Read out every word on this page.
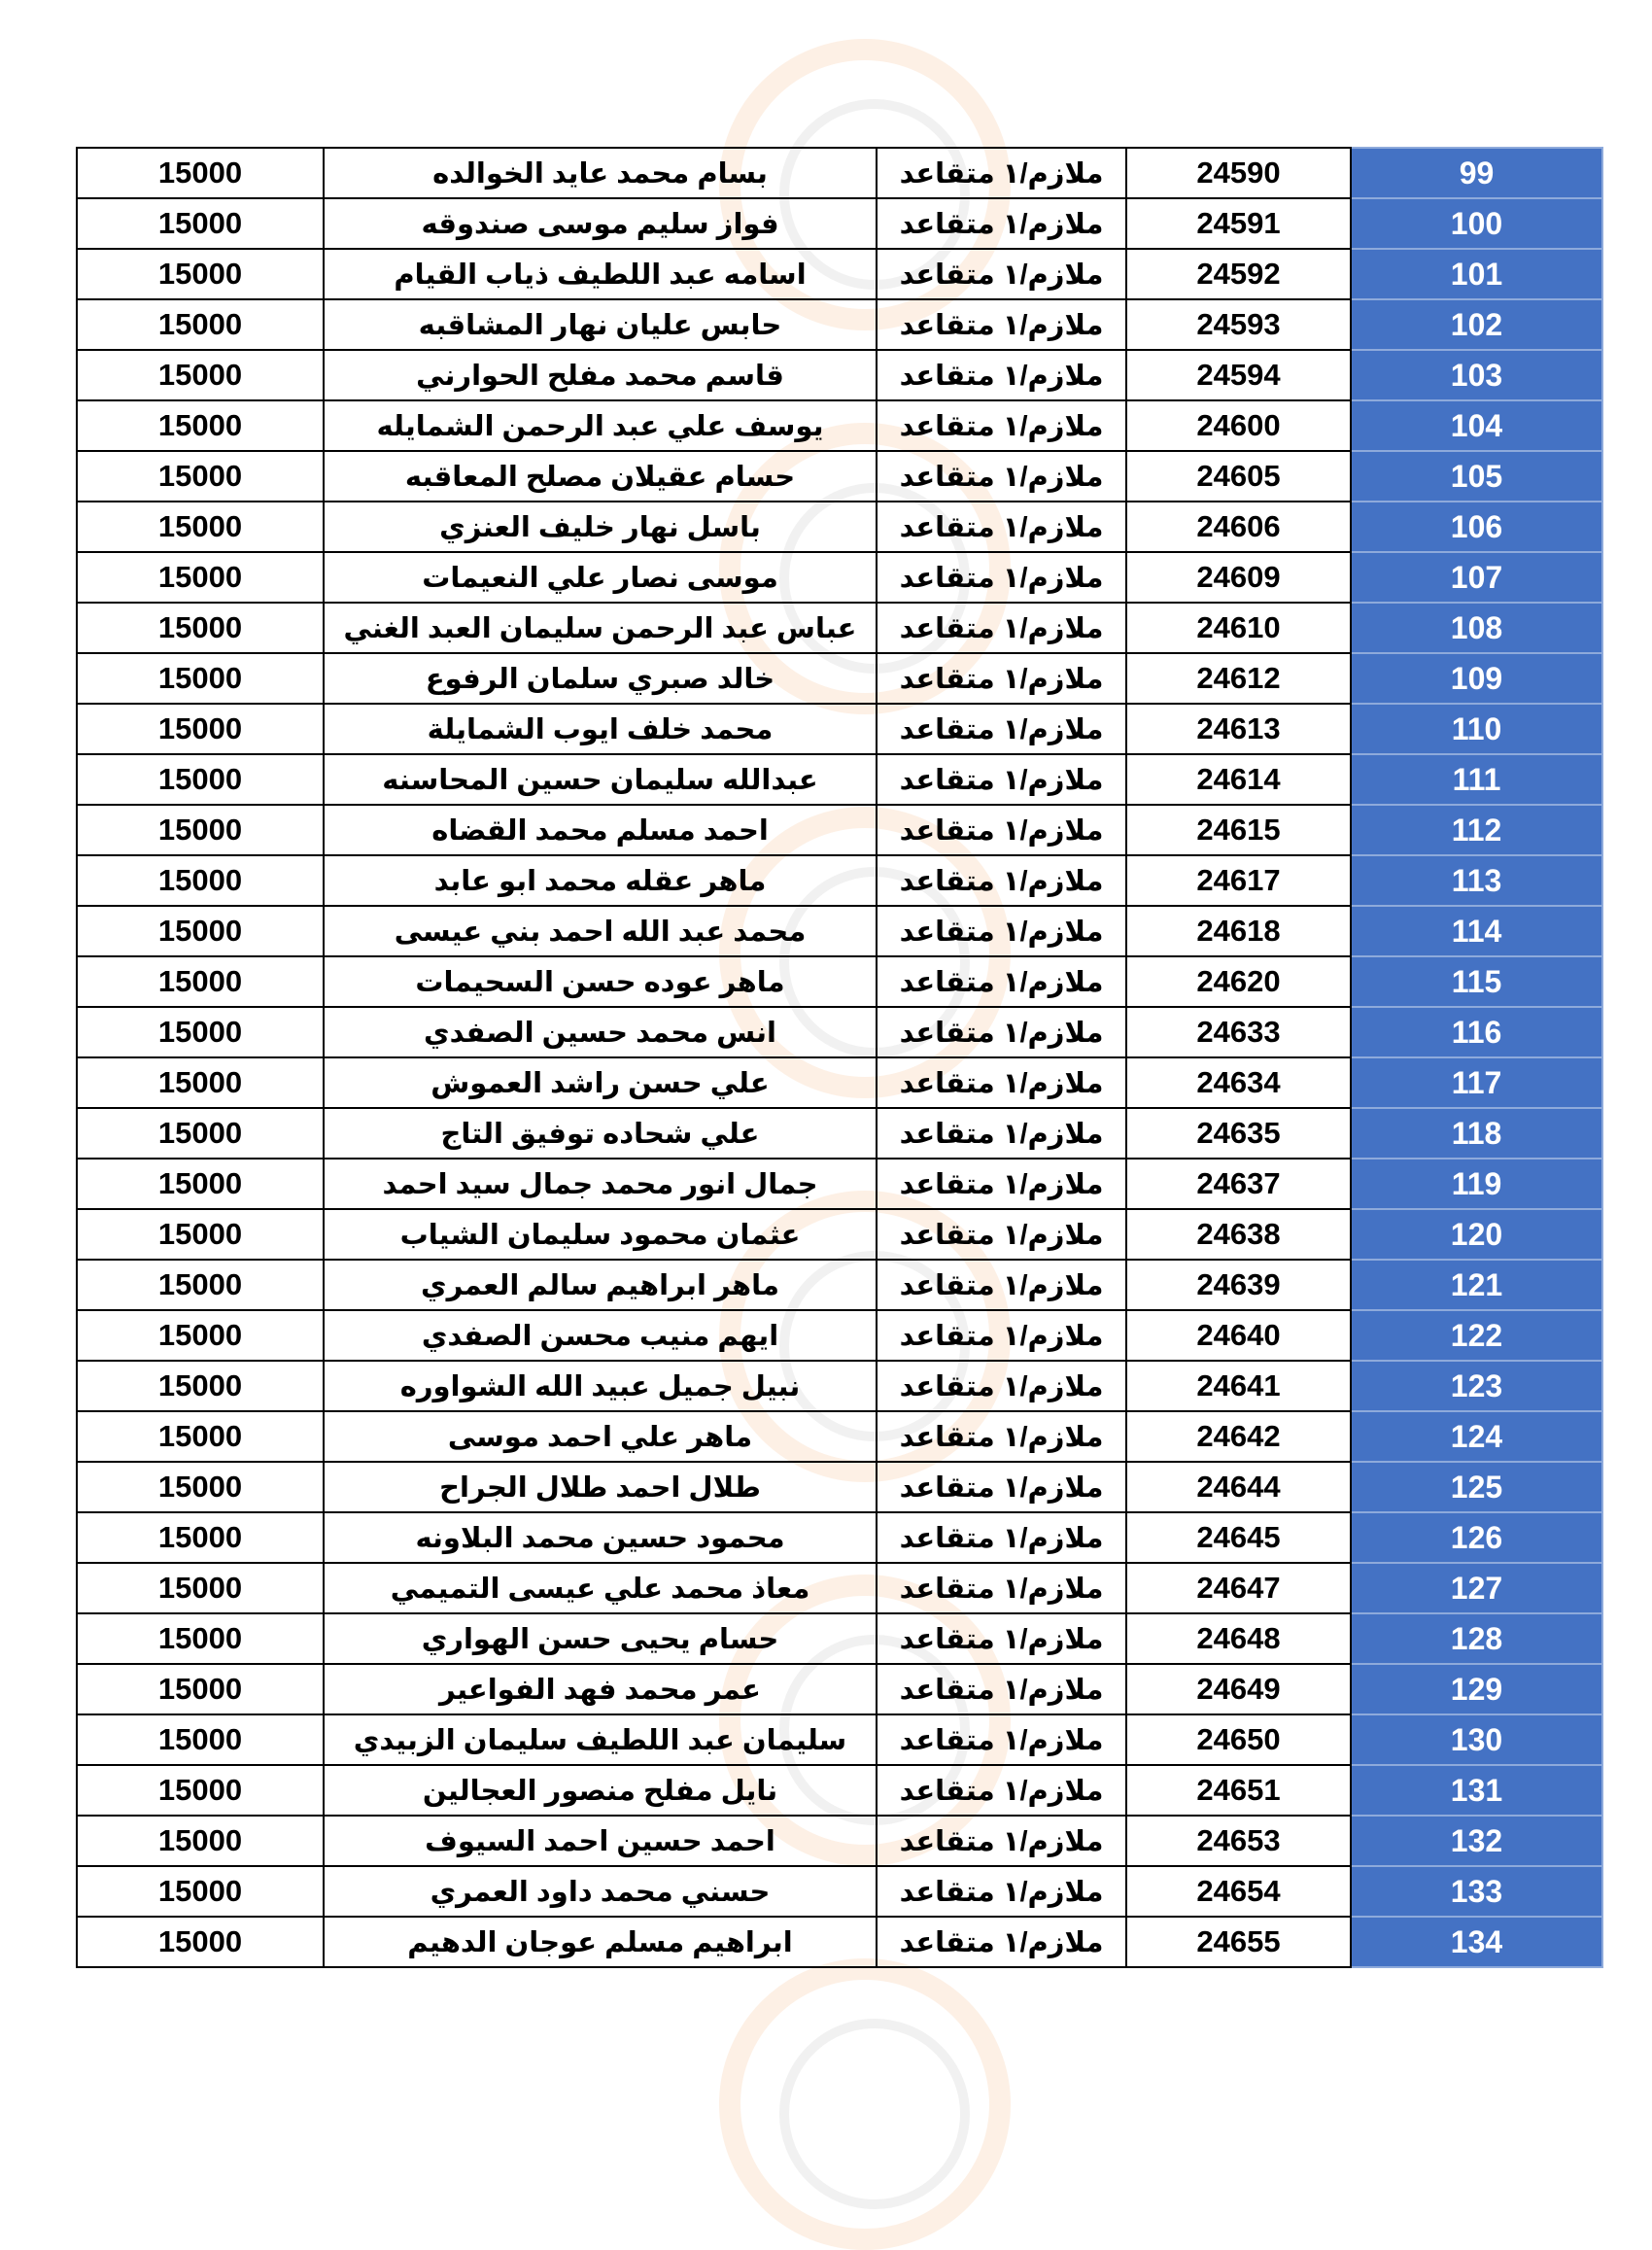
15000	بسام محمد عايد الخوالده	ملازم/١ متقاعد	24590	99
15000	فواز سليم موسى صندوقه	ملازم/١ متقاعد	24591	100
15000	اسامه عبد اللطيف ذياب القيام	ملازم/١ متقاعد	24592	101
15000	حابس عليان نهار المشاقبه	ملازم/١ متقاعد	24593	102
15000	قاسم محمد مفلح الحوارني	ملازم/١ متقاعد	24594	103
15000	يوسف علي عبد الرحمن الشمايله	ملازم/١ متقاعد	24600	104
15000	حسام عقيلان مصلح المعاقبه	ملازم/١ متقاعد	24605	105
15000	باسل نهار خليف العنزي	ملازم/١ متقاعد	24606	106
15000	موسى نصار علي النعيمات	ملازم/١ متقاعد	24609	107
15000	عباس عبد الرحمن سليمان العبد الغني	ملازم/١ متقاعد	24610	108
15000	خالد صبري سلمان الرفوع	ملازم/١ متقاعد	24612	109
15000	محمد خلف ايوب الشمايلة	ملازم/١ متقاعد	24613	110
15000	عبدالله سليمان حسين المحاسنه	ملازم/١ متقاعد	24614	111
15000	احمد مسلم محمد القضاه	ملازم/١ متقاعد	24615	112
15000	ماهر عقله محمد ابو عابد	ملازم/١ متقاعد	24617	113
15000	محمد عبد الله احمد بني عيسى	ملازم/١ متقاعد	24618	114
15000	ماهر عوده حسن السحيمات	ملازم/١ متقاعد	24620	115
15000	انس محمد حسين الصفدي	ملازم/١ متقاعد	24633	116
15000	علي حسن راشد العموش	ملازم/١ متقاعد	24634	117
15000	علي شحاده توفيق التاج	ملازم/١ متقاعد	24635	118
15000	جمال انور محمد جمال سيد احمد	ملازم/١ متقاعد	24637	119
15000	عثمان محمود سليمان الشياب	ملازم/١ متقاعد	24638	120
15000	ماهر ابراهيم سالم العمري	ملازم/١ متقاعد	24639	121
15000	ايهم منيب محسن الصفدي	ملازم/١ متقاعد	24640	122
15000	نبيل جميل عبيد الله الشواوره	ملازم/١ متقاعد	24641	123
15000	ماهر علي احمد موسى	ملازم/١ متقاعد	24642	124
15000	طلال احمد طلال الجراح	ملازم/١ متقاعد	24644	125
15000	محمود حسين محمد البلاونه	ملازم/١ متقاعد	24645	126
15000	معاذ محمد علي عيسى التميمي	ملازم/١ متقاعد	24647	127
15000	حسام يحيى حسن الهواري	ملازم/١ متقاعد	24648	128
15000	عمر محمد فهد الفواعير	ملازم/١ متقاعد	24649	129
15000	سليمان عبد اللطيف سليمان الزبيدي	ملازم/١ متقاعد	24650	130
15000	نايل مفلح منصور العجالين	ملازم/١ متقاعد	24651	131
15000	احمد حسين احمد السيوف	ملازم/١ متقاعد	24653	132
15000	حسني محمد داود العمري	ملازم/١ متقاعد	24654	133
15000	ابراهيم مسلم عوجان الدهيم	ملازم/١ متقاعد	24655	134
